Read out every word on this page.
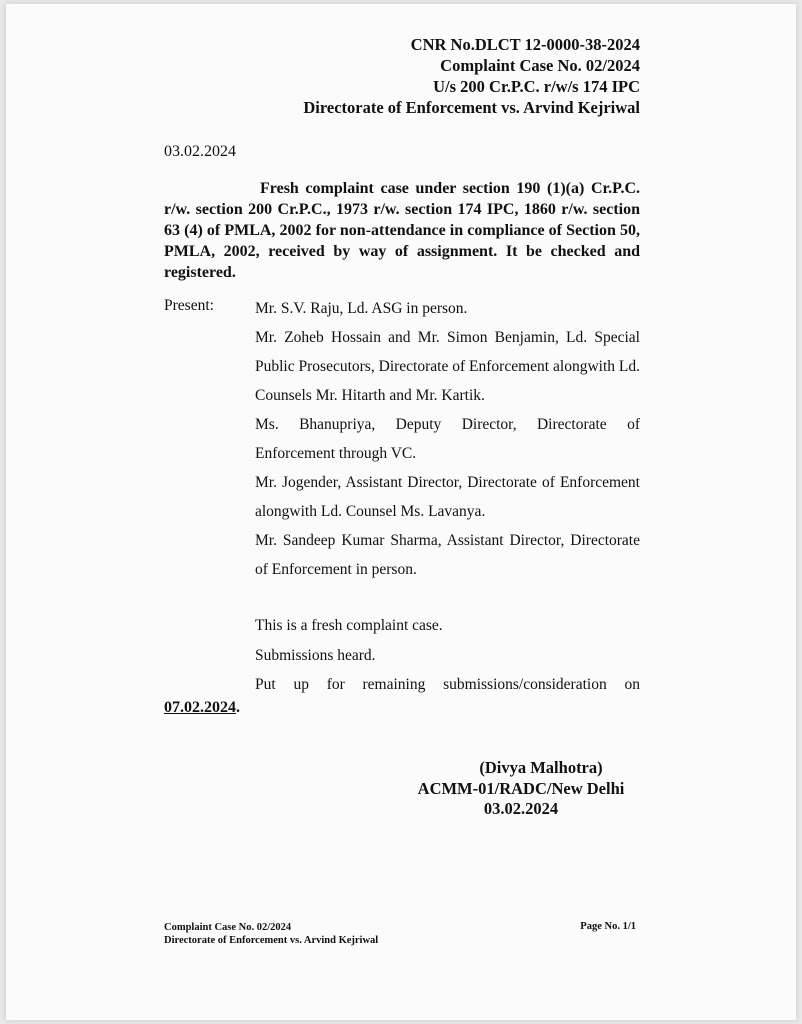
CNR No.DLCT 12-0000-38-2024
Complaint Case No. 02/2024
U/s 200 Cr.P.C. r/w/s 174 IPC
Directorate of Enforcement vs. Arvind Kejriwal
03.02.2024
Fresh complaint case under section 190 (1)(a) Cr.P.C. r/w. section 200 Cr.P.C., 1973 r/w. section 174 IPC, 1860 r/w. section 63 (4) of PMLA, 2002 for non-attendance in compliance of Section 50, PMLA, 2002, received by way of assignment. It be checked and registered.
Present:	Mr. S.V. Raju, Ld. ASG in person.

Mr. Zoheb Hossain and Mr. Simon Benjamin, Ld. Special Public Prosecutors, Directorate of Enforcement alongwith Ld. Counsels Mr. Hitarth and Mr. Kartik.

Ms. Bhanupriya, Deputy Director, Directorate of Enforcement through VC.

Mr. Jogender, Assistant Director, Directorate of Enforcement alongwith Ld. Counsel Ms. Lavanya.

Mr. Sandeep Kumar Sharma, Assistant Director, Directorate of Enforcement in person.

This is a fresh complaint case.

Submissions heard.

Put up for remaining submissions/consideration on

07.02.2024.
(Divya Malhotra)
ACMM-01/RADC/New Delhi
03.02.2024
Complaint Case No. 02/2024
Directorate of Enforcement vs. Arvind Kejriwal
Page No. 1/1
